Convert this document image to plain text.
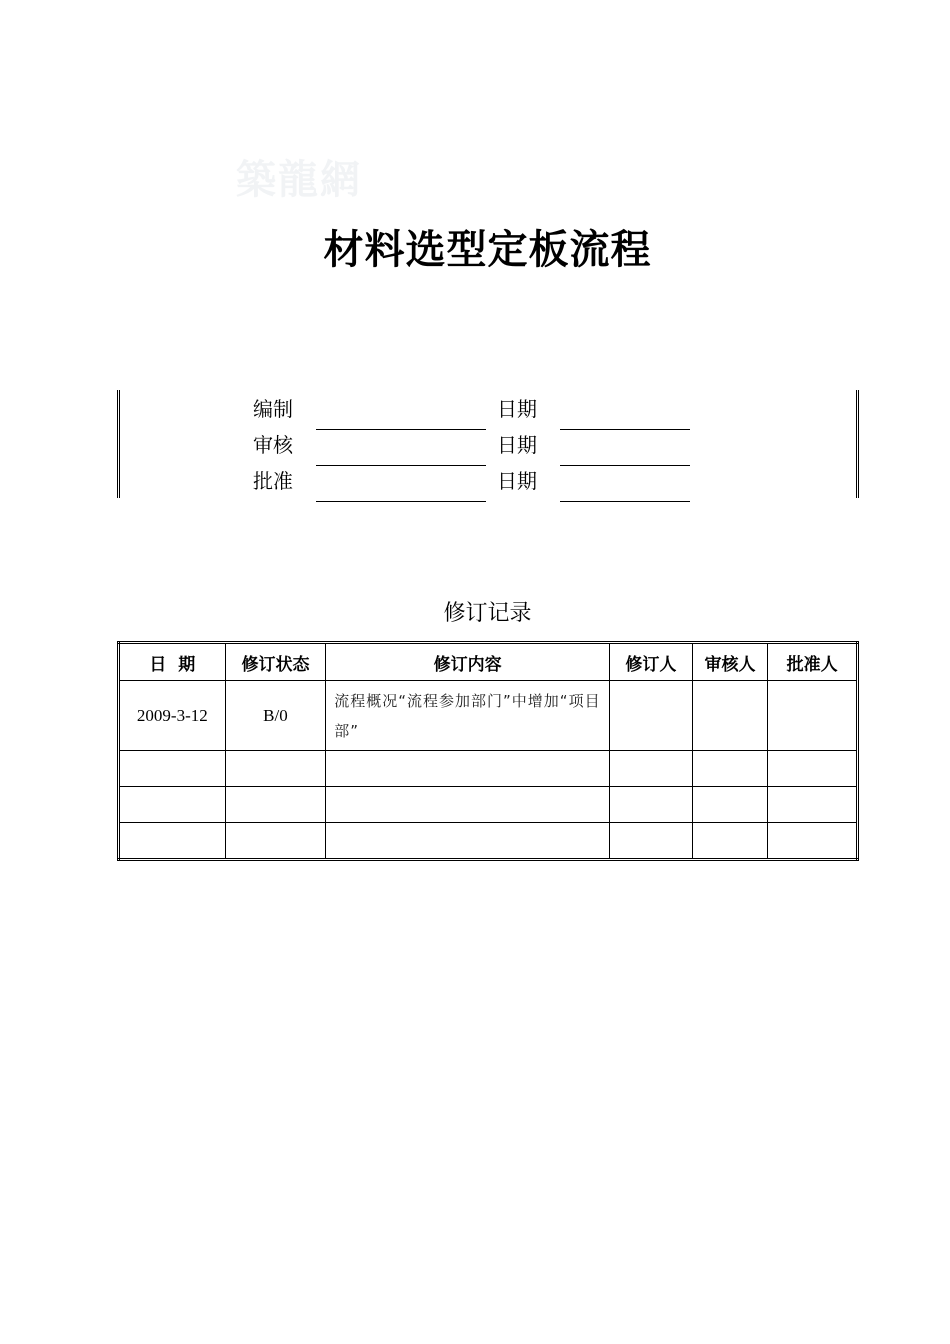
築龍網
材料选型定板流程
编制	日期
审核	日期
批准	日期
修订记录
日  期	修订状态	修订内容	修订人	审核人	批准人
2009-3-12	B/0	流程概况“流程参加部门”中增加“项目部”			
